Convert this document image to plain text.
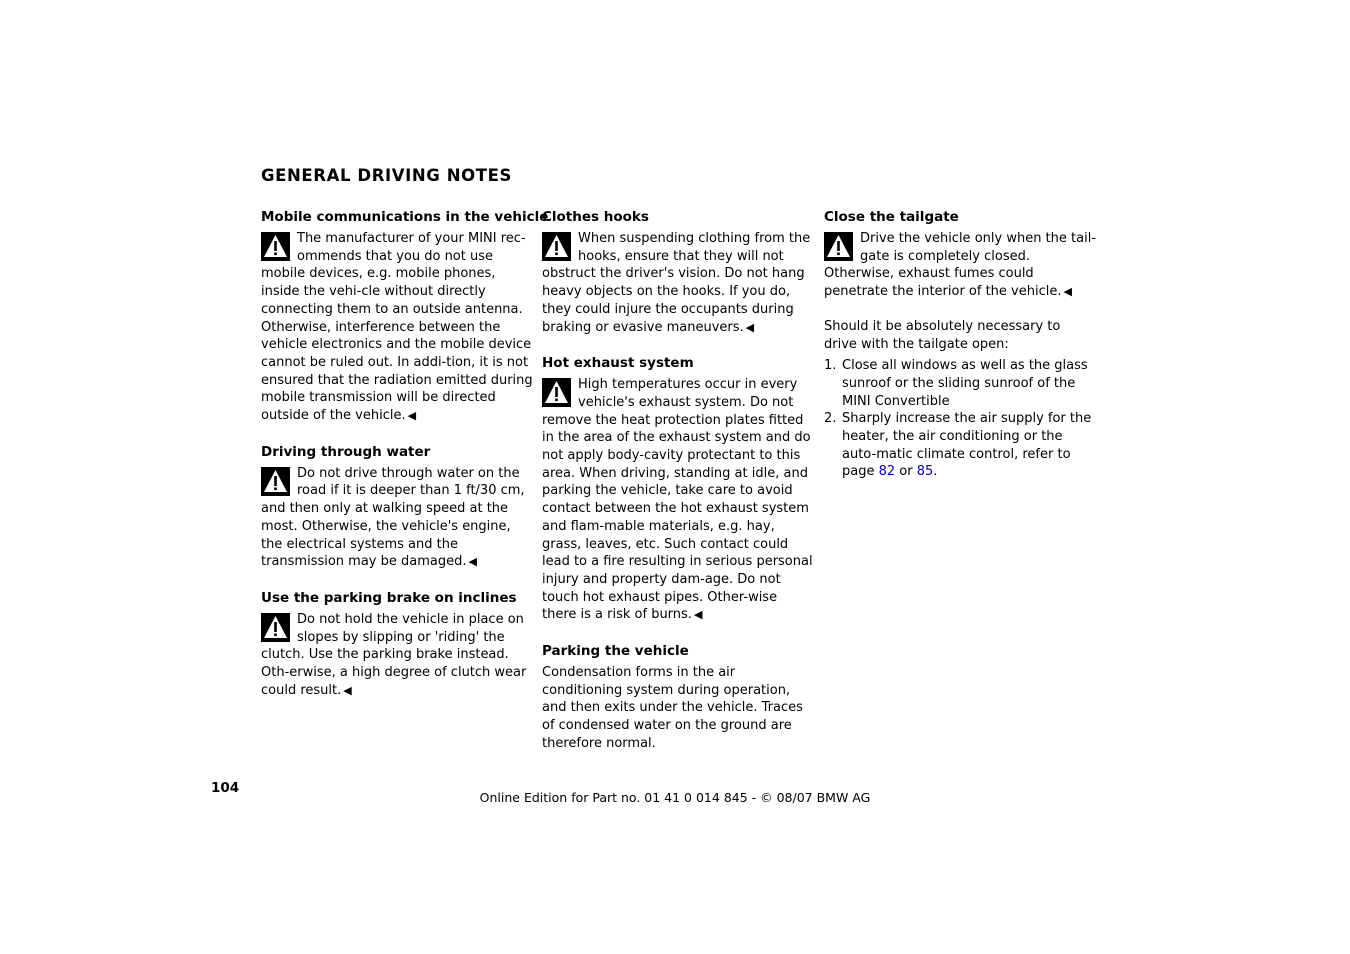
GENERAL DRIVING NOTES
Mobile communications in the vehicle

The manufacturer of your MINI rec-ommends that you do not use mobile devices, e.g. mobile phones, inside the vehi-cle without directly connecting them to an outside antenna. Otherwise, interference between the vehicle electronics and the mobile device cannot be ruled out. In addi-tion, it is not ensured that the radiation emitted during mobile transmission will be directed outside of the vehicle. ◀

Driving through water

Do not drive through water on the road if it is deeper than 1 ft/30 cm, and then only at walking speed at the most. Otherwise, the vehicle's engine, the electrical systems and the transmission may be damaged. ◀

Use the parking brake on inclines

Do not hold the vehicle in place on slopes by slipping or 'riding' the clutch. Use the parking brake instead. Oth-erwise, a high degree of clutch wear could result. ◀

Clothes hooks

When suspending clothing from the hooks, ensure that they will not obstruct the driver's vision. Do not hang heavy objects on the hooks. If you do, they could injure the occupants during braking or evasive maneuvers. ◀

Hot exhaust system

High temperatures occur in every vehicle's exhaust system. Do not remove the heat protection plates fitted in the area of the exhaust system and do not apply body-cavity protectant to this area. When driving, standing at idle, and parking the vehicle, take care to avoid contact between the hot exhaust system and flam-mable materials, e.g. hay, grass, leaves, etc. Such contact could lead to a fire resulting in serious personal injury and property dam-age. Do not touch hot exhaust pipes. Other-wise there is a risk of burns. ◀

Parking the vehicle

Condensation forms in the air conditioning system during operation, and then exits under the vehicle. Traces of condensed water on the ground are therefore normal.

Close the tailgate

Drive the vehicle only when the tail-gate is completely closed. Otherwise, exhaust fumes could penetrate the interior of the vehicle. ◀

Should it be absolutely necessary to drive with the tailgate open:

1. Close all windows as well as the glass sunroof or the sliding sunroof of the MINI Convertible
2. Sharply increase the air supply for the heater, the air conditioning or the auto-matic climate control, refer to page 82 or 85.
104
Online Edition for Part no. 01 41 0 014 845 - © 08/07 BMW AG
